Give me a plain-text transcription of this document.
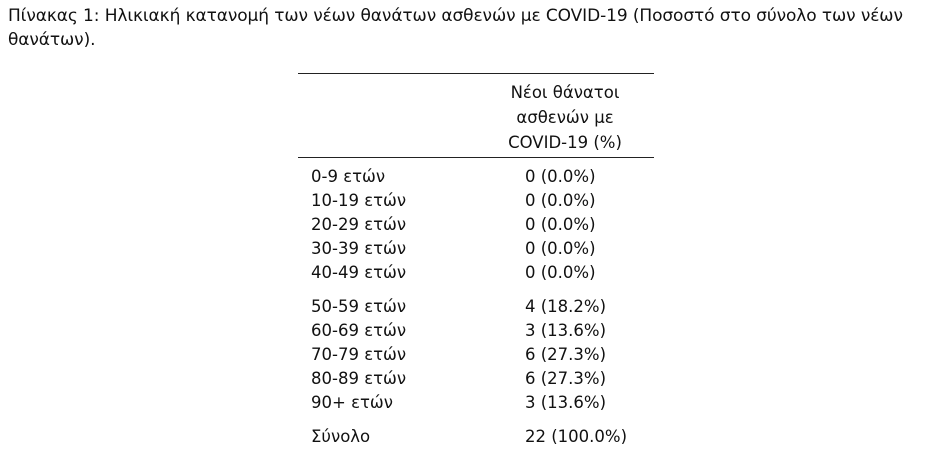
Πίνακας 1: Ηλικιακή κατανομή των νέων θανάτων ασθενών με COVID-19 (Ποσοστό στο σύνολο των νέων
θανάτων).
Νέοι θάνατοι
ασθενών με
COVID-19 (%)
0-9 ετών	0 (0.0%)
10-19 ετών	0 (0.0%)
20-29 ετών	0 (0.0%)
30-39 ετών	0 (0.0%)
40-49 ετών	0 (0.0%)
50-59 ετών	4 (18.2%)
60-69 ετών	3 (13.6%)
70-79 ετών	6 (27.3%)
80-89 ετών	6 (27.3%)
90+ ετών	3 (13.6%)
Σύνολο	22 (100.0%)
